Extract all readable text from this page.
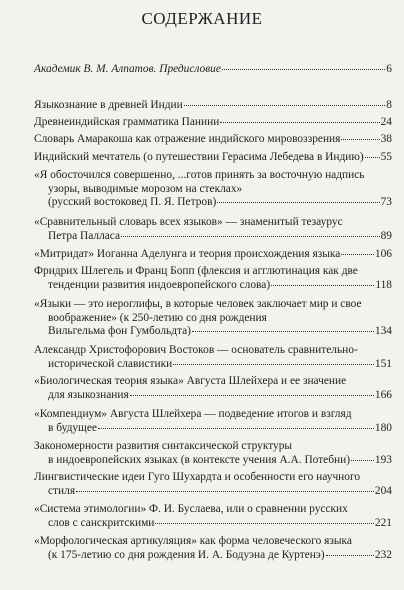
СОДЕРЖАНИЕ
Академик В. М. Алпатов. Предисловие	6
Языкознание в древней Индии	8
Древнеиндийская грамматика Панини	24
Словарь Амаракоша как отражение индийского мировоззрения	38
Индийский мечтатель (о путешествии Герасима Лебедева в Индию) 55
«Я обосточился совершенно, ...готов принять за восточную надпись
узоры, выводимые морозом на стеклах»
(русский востоковед П. Я. Петров)	73
«Сравнительный словарь всех языков» — знаменитый тезаурус
Петра Палласа	89
«Митридат» Иоганна Аделунга и теория происхождения языка	106
Фридрих Шлегель и Франц Бопп (флексия и агглютинация как две
тенденции развития индоевропейского слова)	118
«Языки — это иероглифы, в которые человек заключает мир и свое
воображение» (к 250-летию со дня рождения
Вильгельма фон Гумбольдта)	134
Александр Христофорович Востоков — основатель сравнительно-
исторической славистики	151
«Биологическая теория языка» Августа Шлейхера и ее значение
для языкознания	166
«Компендиум» Августа Шлейхера — подведение итогов и взгляд
в будущее	180
Закономерности развития синтаксической структуры
в индоевропейских языках (в контексте учения А.А. Потебни) 193
Лингвистические идеи Гуго Шухардта и особенности его научного
стиля	204
«Система этимологии» Ф. И. Буслаева, или о сравнении русских
слов с санскритскими	221
«Морфологическая артикуляция» как форма человеческого языка
(к 175-летию со дня рождения И. А. Бодуэна де Куртенэ)	232
